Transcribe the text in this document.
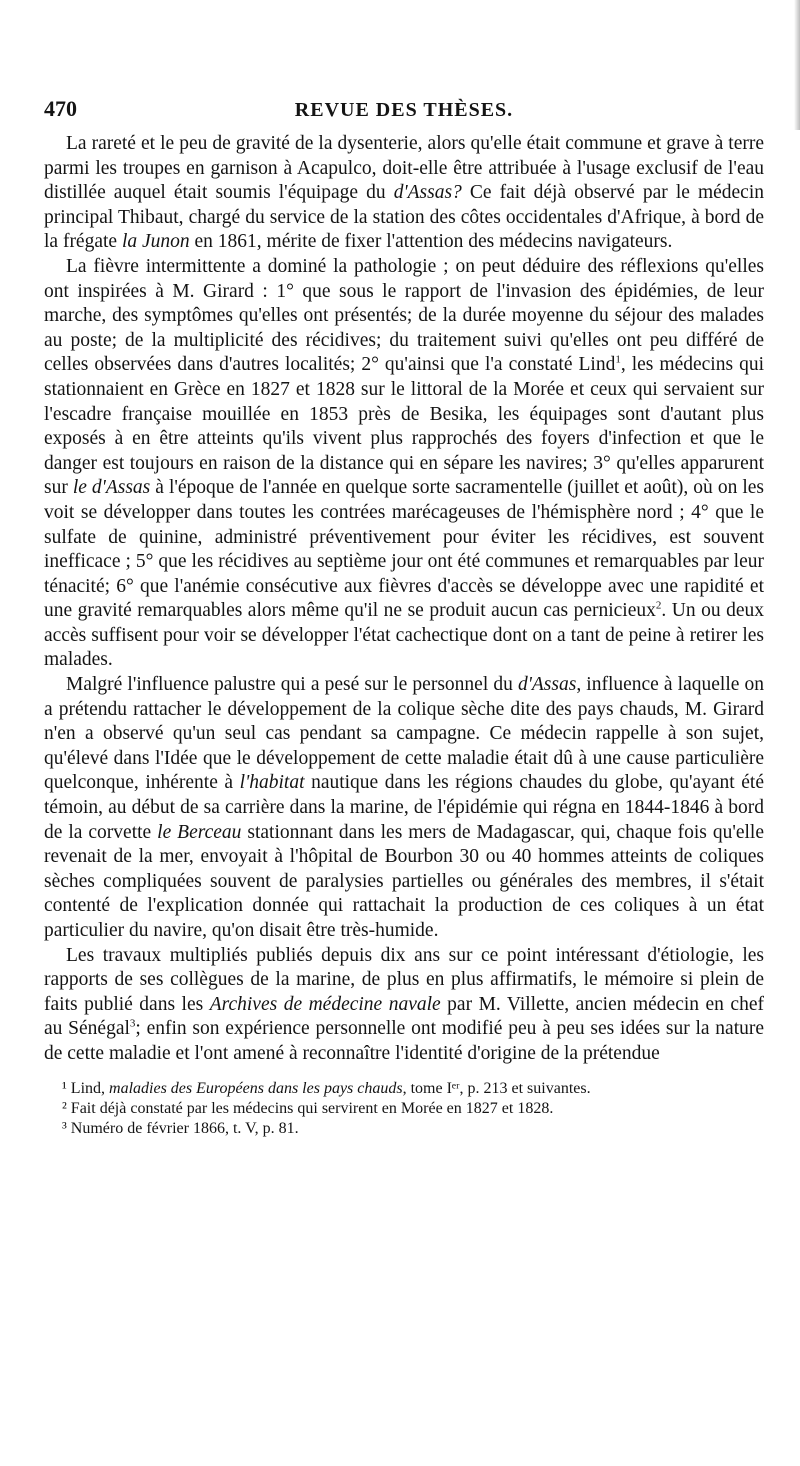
470	REVUE DES THÈSES.

La rareté et le peu de gravité de la dysenterie, alors qu'elle était commune et grave à terre parmi les troupes en garnison à Acapulco, doit-elle être attribuée à l'usage exclusif de l'eau distillée auquel était soumis l'équipage du d'Assas? Ce fait déjà observé par le médecin principal Thibaut, chargé du service de la station des côtes occidentales d'Afrique, à bord de la frégate la Junon en 1861, mérite de fixer l'attention des médecins navigateurs.

La fièvre intermittente a dominé la pathologie ; on peut déduire des réflexions qu'elles ont inspirées à M. Girard : 1° que sous le rapport de l'invasion des épidémies, de leur marche, des symptômes qu'elles ont présentés; de la durée moyenne du séjour des malades au poste; de la multiplicité des récidives; du traitement suivi qu'elles ont peu différé de celles observées dans d'autres localités; 2° qu'ainsi que l'a constaté Lind$^1$, les médecins qui stationnaient en Grèce en 1827 et 1828 sur le littoral de la Morée et ceux qui servaient sur l'escadre française mouillée en 1853 près de Besika, les équipages sont d'autant plus exposés à en être atteints qu'ils vivent plus rapprochés des foyers d'infection et que le danger est toujours en raison de la distance qui en sépare les navires; 3° qu'elles apparurent sur le d'Assas à l'époque de l'année en quelque sorte sacramentelle (juillet et août), où on les voit se développer dans toutes les contrées marécageuses de l'hémisphère nord ; 4° que le sulfate de quinine, administré préventivement pour éviter les récidives, est souvent inefficace ; 5° que les récidives au septième jour ont été communes et remarquables par leur ténacité; 6° que l'anémie consécutive aux fièvres d'accès se développe avec une rapidité et une gravité remarquables alors même qu'il ne se produit aucun cas pernicieux$^2$. Un ou deux accès suffisent pour voir se développer l'état cachectique dont on a tant de peine à retirer les malades.

Malgré l'influence palustre qui a pesé sur le personnel du d'Assas, influence à laquelle on a prétendu rattacher le développement de la colique sèche dite des pays chauds, M. Girard n'en a observé qu'un seul cas pendant sa campagne. Ce médecin rappelle à son sujet, qu'élevé dans l'Idée que le développement de cette maladie était dû à une cause particulière quelconque, inhérente à l'habitat nautique dans les régions chaudes du globe, qu'ayant été témoin, au début de sa carrière dans la marine, de l'épidémie qui régna en 1844-1846 à bord de la corvette le Berceau stationnant dans les mers de Madagascar, qui, chaque fois qu'elle revenait de la mer, envoyait à l'hôpital de Bourbon 30 ou 40 hommes atteints de coliques sèches compliquées souvent de paralysies partielles ou générales des membres, il s'était contenté de l'explication donnée qui rattachait la production de ces coliques à un état particulier du navire, qu'on disait être très-humide.

Les travaux multipliés publiés depuis dix ans sur ce point intéressant d'étiologie, les rapports de ses collègues de la marine, de plus en plus affirmatifs, le mémoire si plein de faits publié dans les Archives de médecine navale par M. Villette, ancien médecin en chef au Sénégal$^3$; enfin son expérience personnelle ont modifié peu à peu ses idées sur la nature de cette maladie et l'ont amené à reconnaître l'identité d'origine de la prétendue

¹ Lind, maladies des Européens dans les pays chauds, tome Iᵉʳ, p. 213 et suivantes.

² Fait déjà constaté par les médecins qui servirent en Morée en 1827 et 1828.

³ Numéro de février 1866, t. V, p. 81.
